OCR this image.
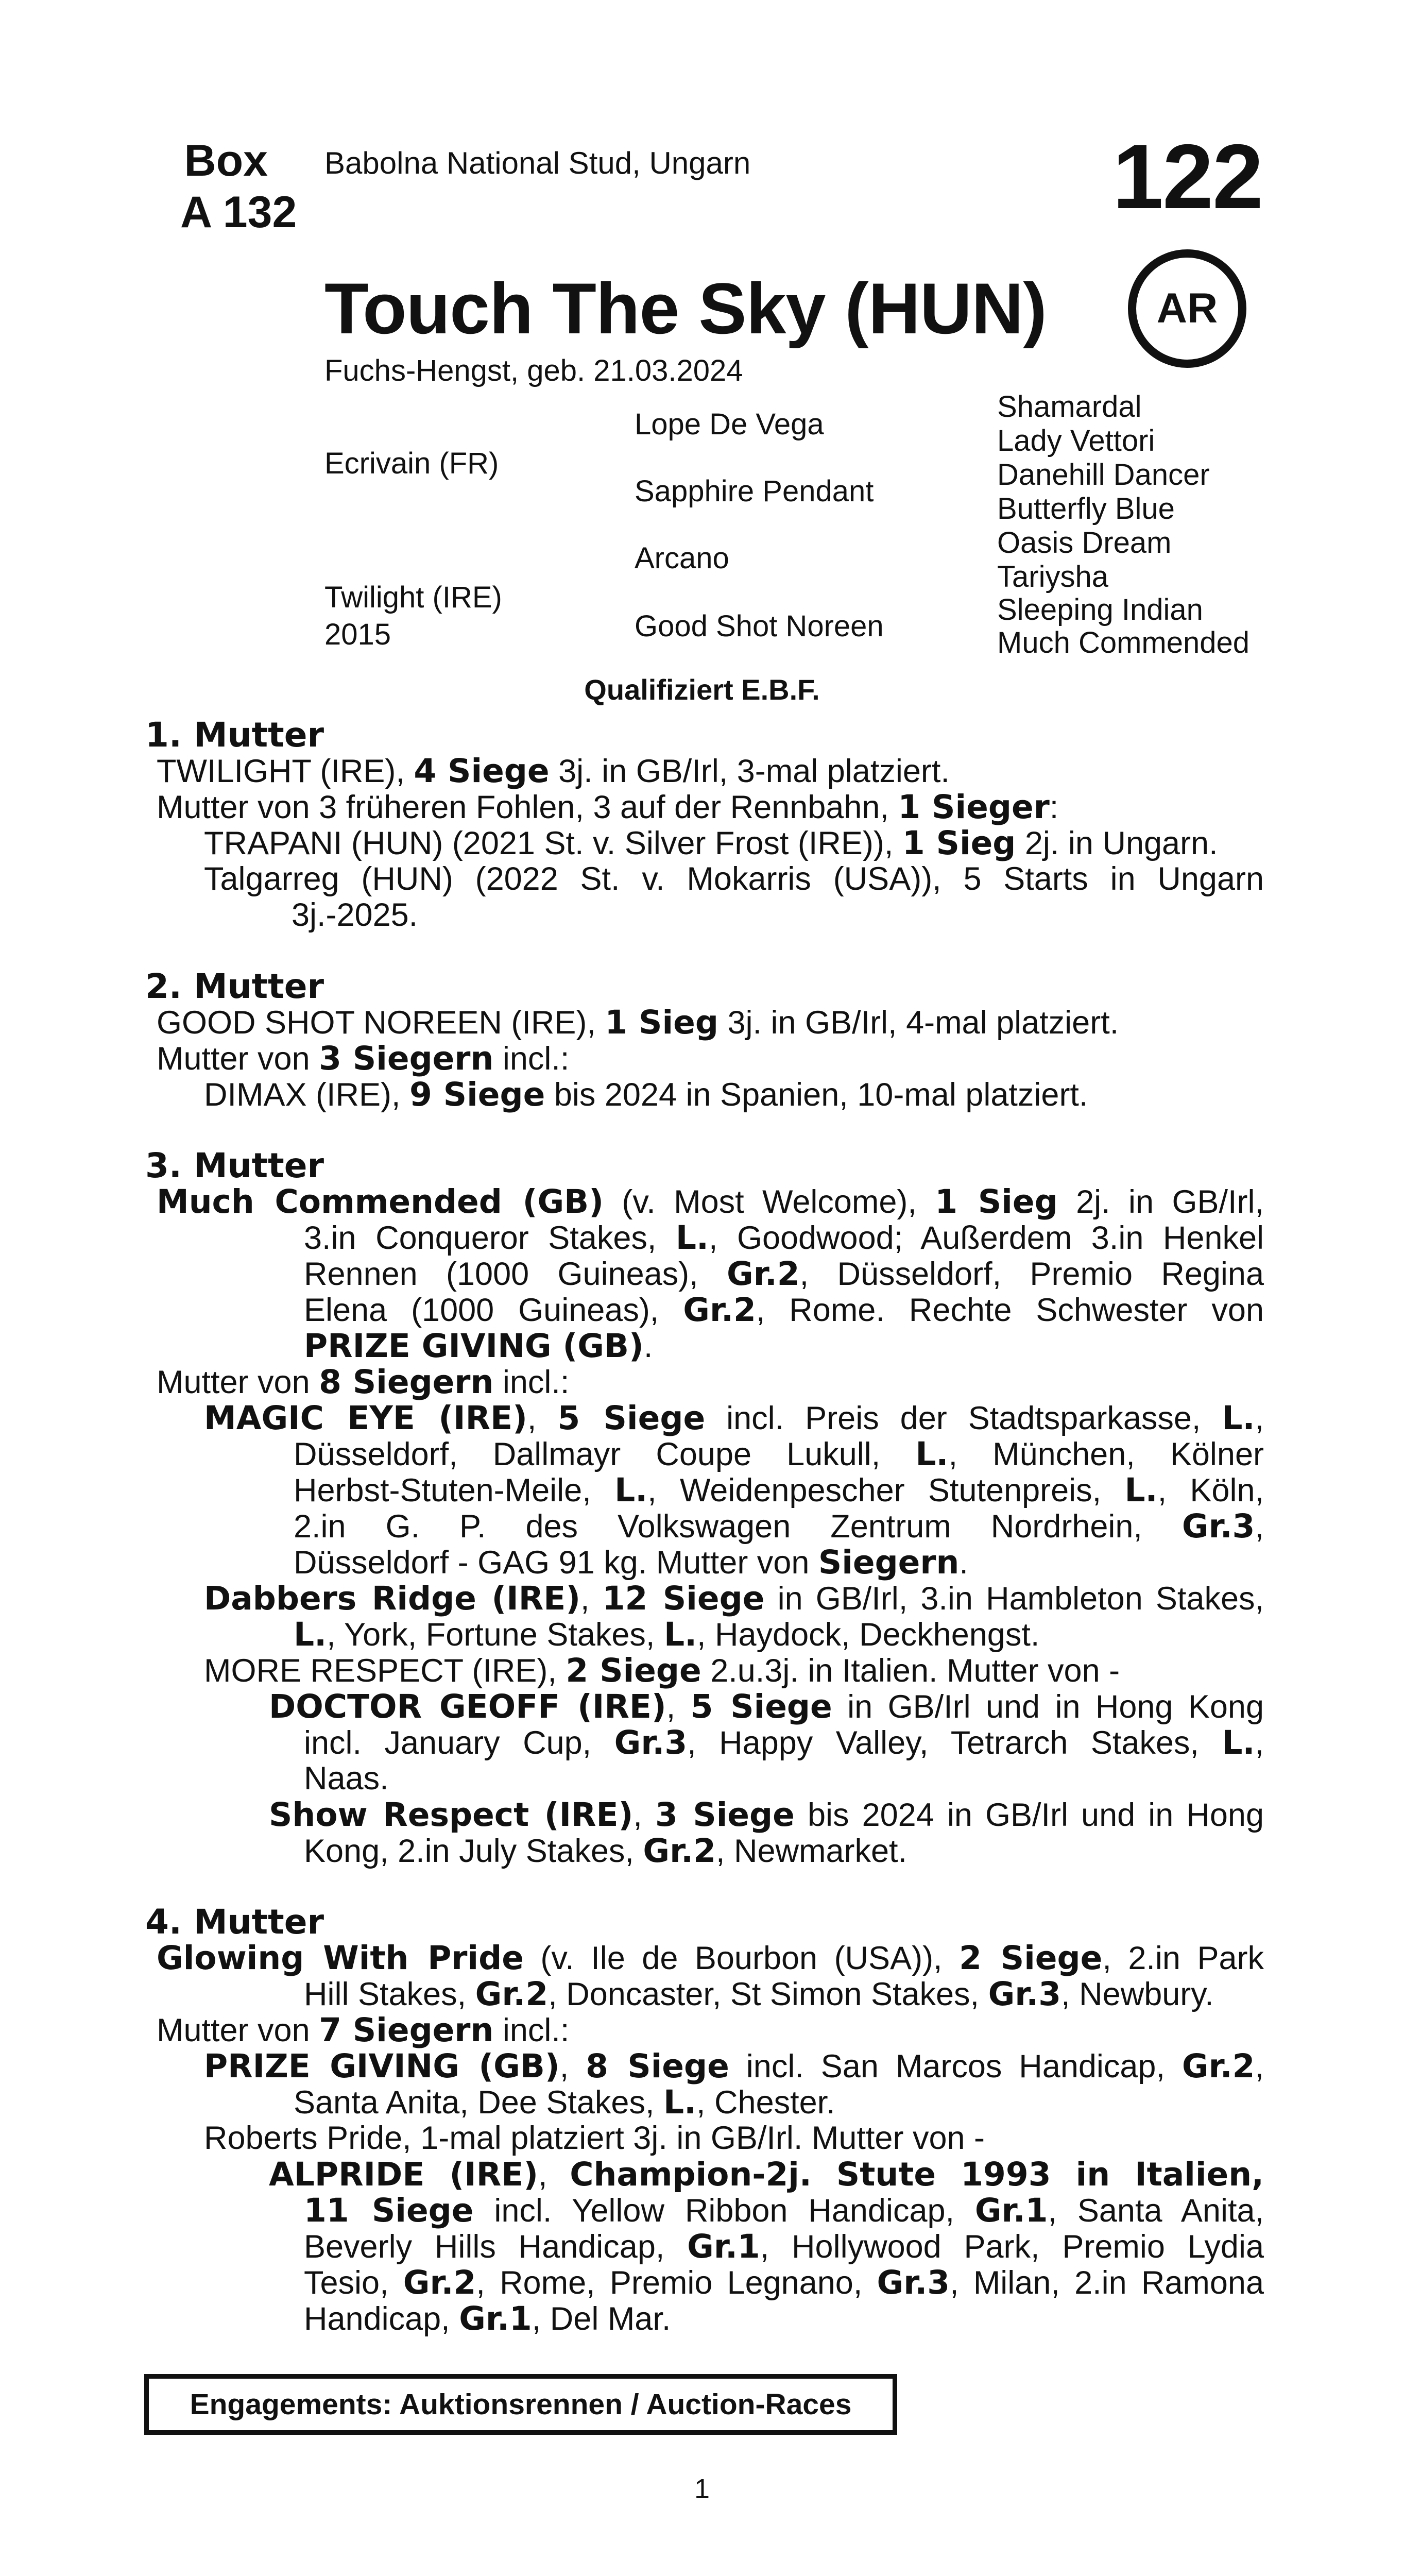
Box
A 132
Babolna National Stud, Ungarn	122
Touch The Sky (HUN)	AR
Fuchs-Hengst, geb. 21.03.2024
Ecrivain (FR)
Twilight (IRE)
2015
Lope De Vega
Sapphire Pendant
Arcano
Good Shot Noreen
Shamardal
Lady Vettori
Danehill Dancer
Butterfly Blue
Oasis Dream
Tariysha
Sleeping Indian
Much Commended
Qualifiziert E.B.F.
1. Mutter
TWILIGHT (IRE), 4 Siege 3j. in GB/Irl, 3-mal platziert.
Mutter von 3 früheren Fohlen, 3 auf der Rennbahn, 1 Sieger:
TRAPANI (HUN) (2021 St. v. Silver Frost (IRE)), 1 Sieg 2j. in Ungarn.
Talgarreg (HUN) (2022 St. v. Mokarris (USA)), 5 Starts in Ungarn
3j.-2025.
2. Mutter
GOOD SHOT NOREEN (IRE), 1 Sieg 3j. in GB/Irl, 4-mal platziert.
Mutter von 3 Siegern incl.:
DIMAX (IRE), 9 Siege bis 2024 in Spanien, 10-mal platziert.
3. Mutter
Much Commended (GB) (v. Most Welcome), 1 Sieg 2j. in GB/Irl,
3.in Conqueror Stakes, L., Goodwood; Außerdem 3.in Henkel
Rennen (1000 Guineas), Gr.2, Düsseldorf, Premio Regina
Elena (1000 Guineas), Gr.2, Rome. Rechte Schwester von
PRIZE GIVING (GB).
Mutter von 8 Siegern incl.:
MAGIC EYE (IRE), 5 Siege incl. Preis der Stadtsparkasse, L.,
Düsseldorf, Dallmayr Coupe Lukull, L., München, Kölner
Herbst-Stuten-Meile, L., Weidenpescher Stutenpreis, L., Köln,
2.in G. P. des Volkswagen Zentrum Nordrhein, Gr.3,
Düsseldorf - GAG 91 kg. Mutter von Siegern.
Dabbers Ridge (IRE), 12 Siege in GB/Irl, 3.in Hambleton Stakes,
L., York, Fortune Stakes, L., Haydock, Deckhengst.
MORE RESPECT (IRE), 2 Siege 2.u.3j. in Italien. Mutter von -
DOCTOR GEOFF (IRE), 5 Siege in GB/Irl und in Hong Kong
incl. January Cup, Gr.3, Happy Valley, Tetrarch Stakes, L.,
Naas.
Show Respect (IRE), 3 Siege bis 2024 in GB/Irl und in Hong
Kong, 2.in July Stakes, Gr.2, Newmarket.
4. Mutter
Glowing With Pride (v. Ile de Bourbon (USA)), 2 Siege, 2.in Park
Hill Stakes, Gr.2, Doncaster, St Simon Stakes, Gr.3, Newbury.
Mutter von 7 Siegern incl.:
PRIZE GIVING (GB), 8 Siege incl. San Marcos Handicap, Gr.2,
Santa Anita, Dee Stakes, L., Chester.
Roberts Pride, 1-mal platziert 3j. in GB/Irl. Mutter von -
ALPRIDE (IRE), Champion-2j. Stute 1993 in Italien,
11 Siege incl. Yellow Ribbon Handicap, Gr.1, Santa Anita,
Beverly Hills Handicap, Gr.1, Hollywood Park, Premio Lydia
Tesio, Gr.2, Rome, Premio Legnano, Gr.3, Milan, 2.in Ramona
Handicap, Gr.1, Del Mar.
Engagements: Auktionsrennen / Auction-Races
1
